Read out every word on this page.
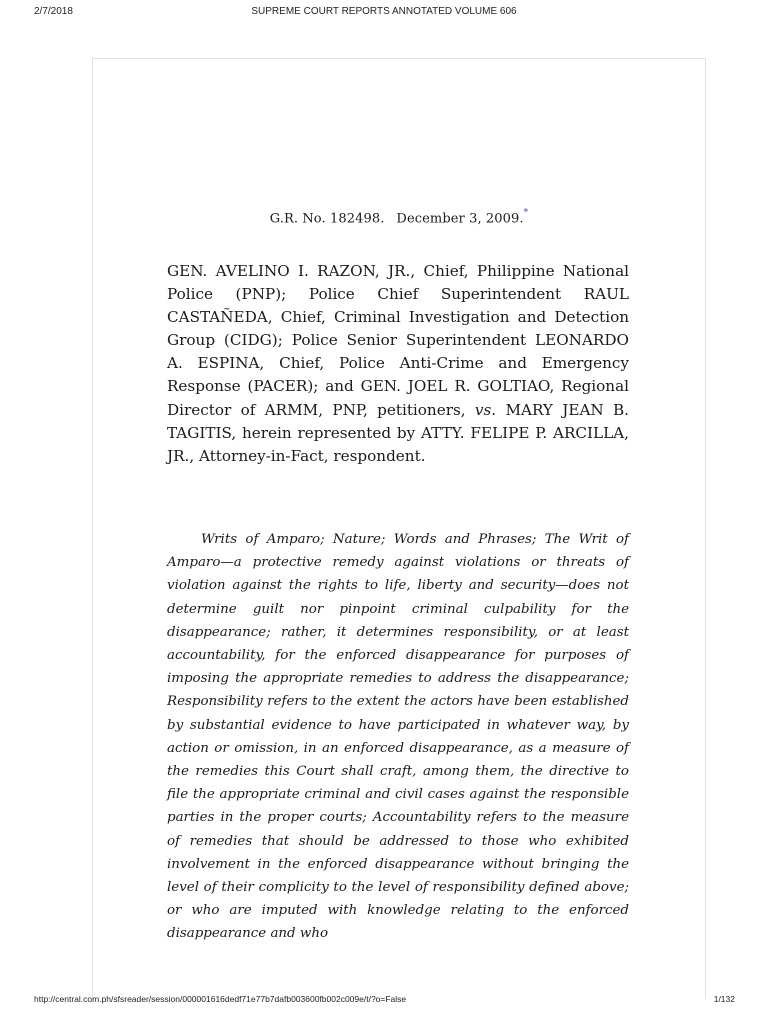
2/7/2018	SUPREME COURT REPORTS ANNOTATED VOLUME 606
G.R. No. 182498. December 3, 2009.*

GEN. AVELINO I. RAZON, JR., Chief, Philippine National Police (PNP); Police Chief Superintendent RAUL CASTAÑEDA, Chief, Criminal Investigation and Detection Group (CIDG); Police Senior Superintendent LEONARDO A. ESPINA, Chief, Police Anti-Crime and Emergency Response (PACER); and GEN. JOEL R. GOLTIAO, Regional Director of ARMM, PNP, petitioners, vs. MARY JEAN B. TAGITIS, herein represented by ATTY. FELIPE P. ARCILLA, JR., Attorney-in-Fact, respondent.

Writs of Amparo; Nature; Words and Phrases; The Writ of Amparo—a protective remedy against violations or threats of violation against the rights to life, liberty and security—does not determine guilt nor pinpoint criminal culpability for the disappearance; rather, it determines responsibility, or at least accountability, for the enforced disappearance for purposes of imposing the appropriate remedies to address the disappearance; Responsibility refers to the extent the actors have been established by substantial evidence to have participated in whatever way, by action or omission, in an enforced disappearance, as a measure of the remedies this Court shall craft, among them, the directive to file the appropriate criminal and civil cases against the responsible parties in the proper courts; Accountability refers to the measure of remedies that should be addressed to those who exhibited involvement in the enforced disappearance without bringing the level of their complicity to the level of responsibility defined above; or who are imputed with knowledge relating to the enforced disappearance and who

http://central.com.ph/sfsreader/session/000001616dedf71e77b7dafb003600fb002c009e/t/?o=False	1/132
